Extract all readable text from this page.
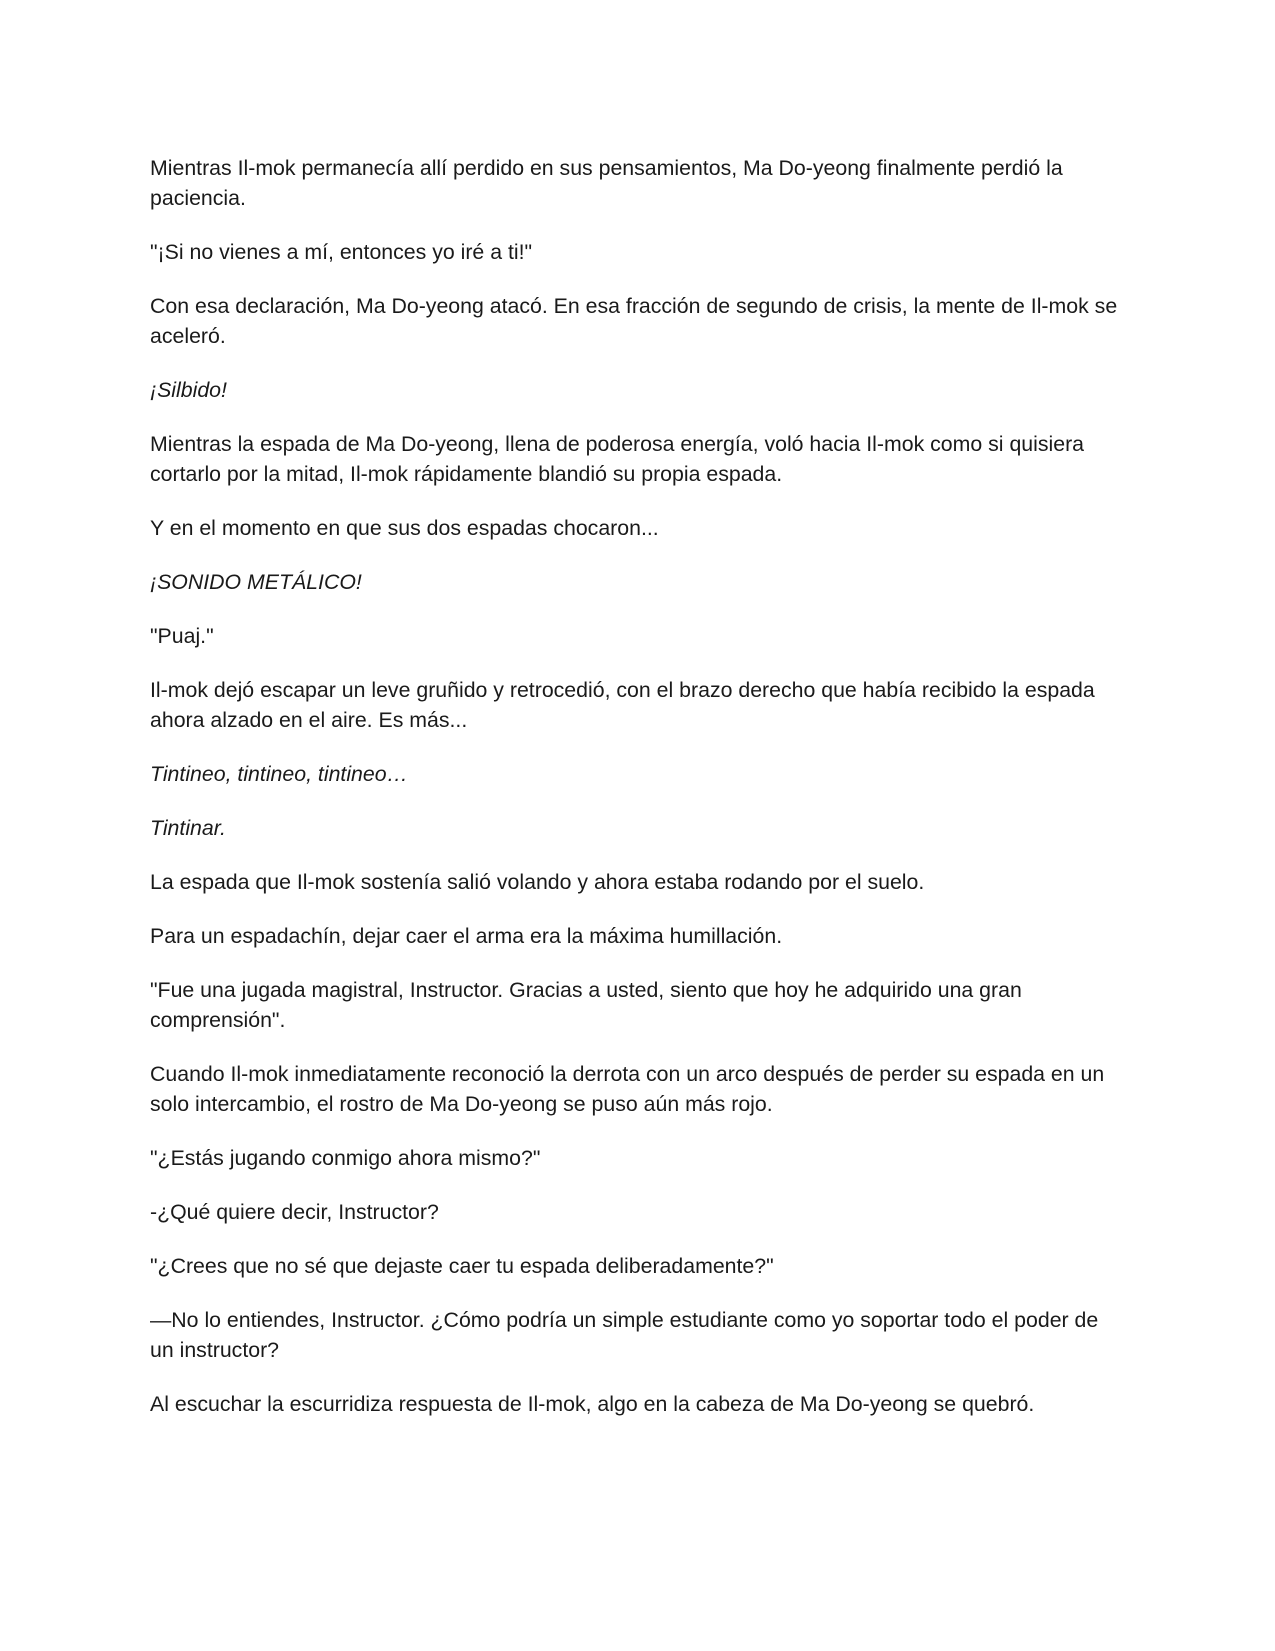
Mientras Il-mok permanecía allí perdido en sus pensamientos, Ma Do-yeong finalmente perdió la paciencia.

"¡Si no vienes a mí, entonces yo iré a ti!"

Con esa declaración, Ma Do-yeong atacó. En esa fracción de segundo de crisis, la mente de Il-mok se aceleró.

¡Silbido!

Mientras la espada de Ma Do-yeong, llena de poderosa energía, voló hacia Il-mok como si quisiera cortarlo por la mitad, Il-mok rápidamente blandió su propia espada.

Y en el momento en que sus dos espadas chocaron...

¡SONIDO METÁLICO!

"Puaj."

Il-mok dejó escapar un leve gruñido y retrocedió, con el brazo derecho que había recibido la espada ahora alzado en el aire. Es más...

Tintineo, tintineo, tintineo…

Tintinar.

La espada que Il-mok sostenía salió volando y ahora estaba rodando por el suelo.

Para un espadachín, dejar caer el arma era la máxima humillación.

"Fue una jugada magistral, Instructor. Gracias a usted, siento que hoy he adquirido una gran comprensión".

Cuando Il-mok inmediatamente reconoció la derrota con un arco después de perder su espada en un solo intercambio, el rostro de Ma Do-yeong se puso aún más rojo.

"¿Estás jugando conmigo ahora mismo?"

-¿Qué quiere decir, Instructor?

"¿Crees que no sé que dejaste caer tu espada deliberadamente?"

—No lo entiendes, Instructor. ¿Cómo podría un simple estudiante como yo soportar todo el poder de un instructor?

Al escuchar la escurridiza respuesta de Il-mok, algo en la cabeza de Ma Do-yeong se quebró.
